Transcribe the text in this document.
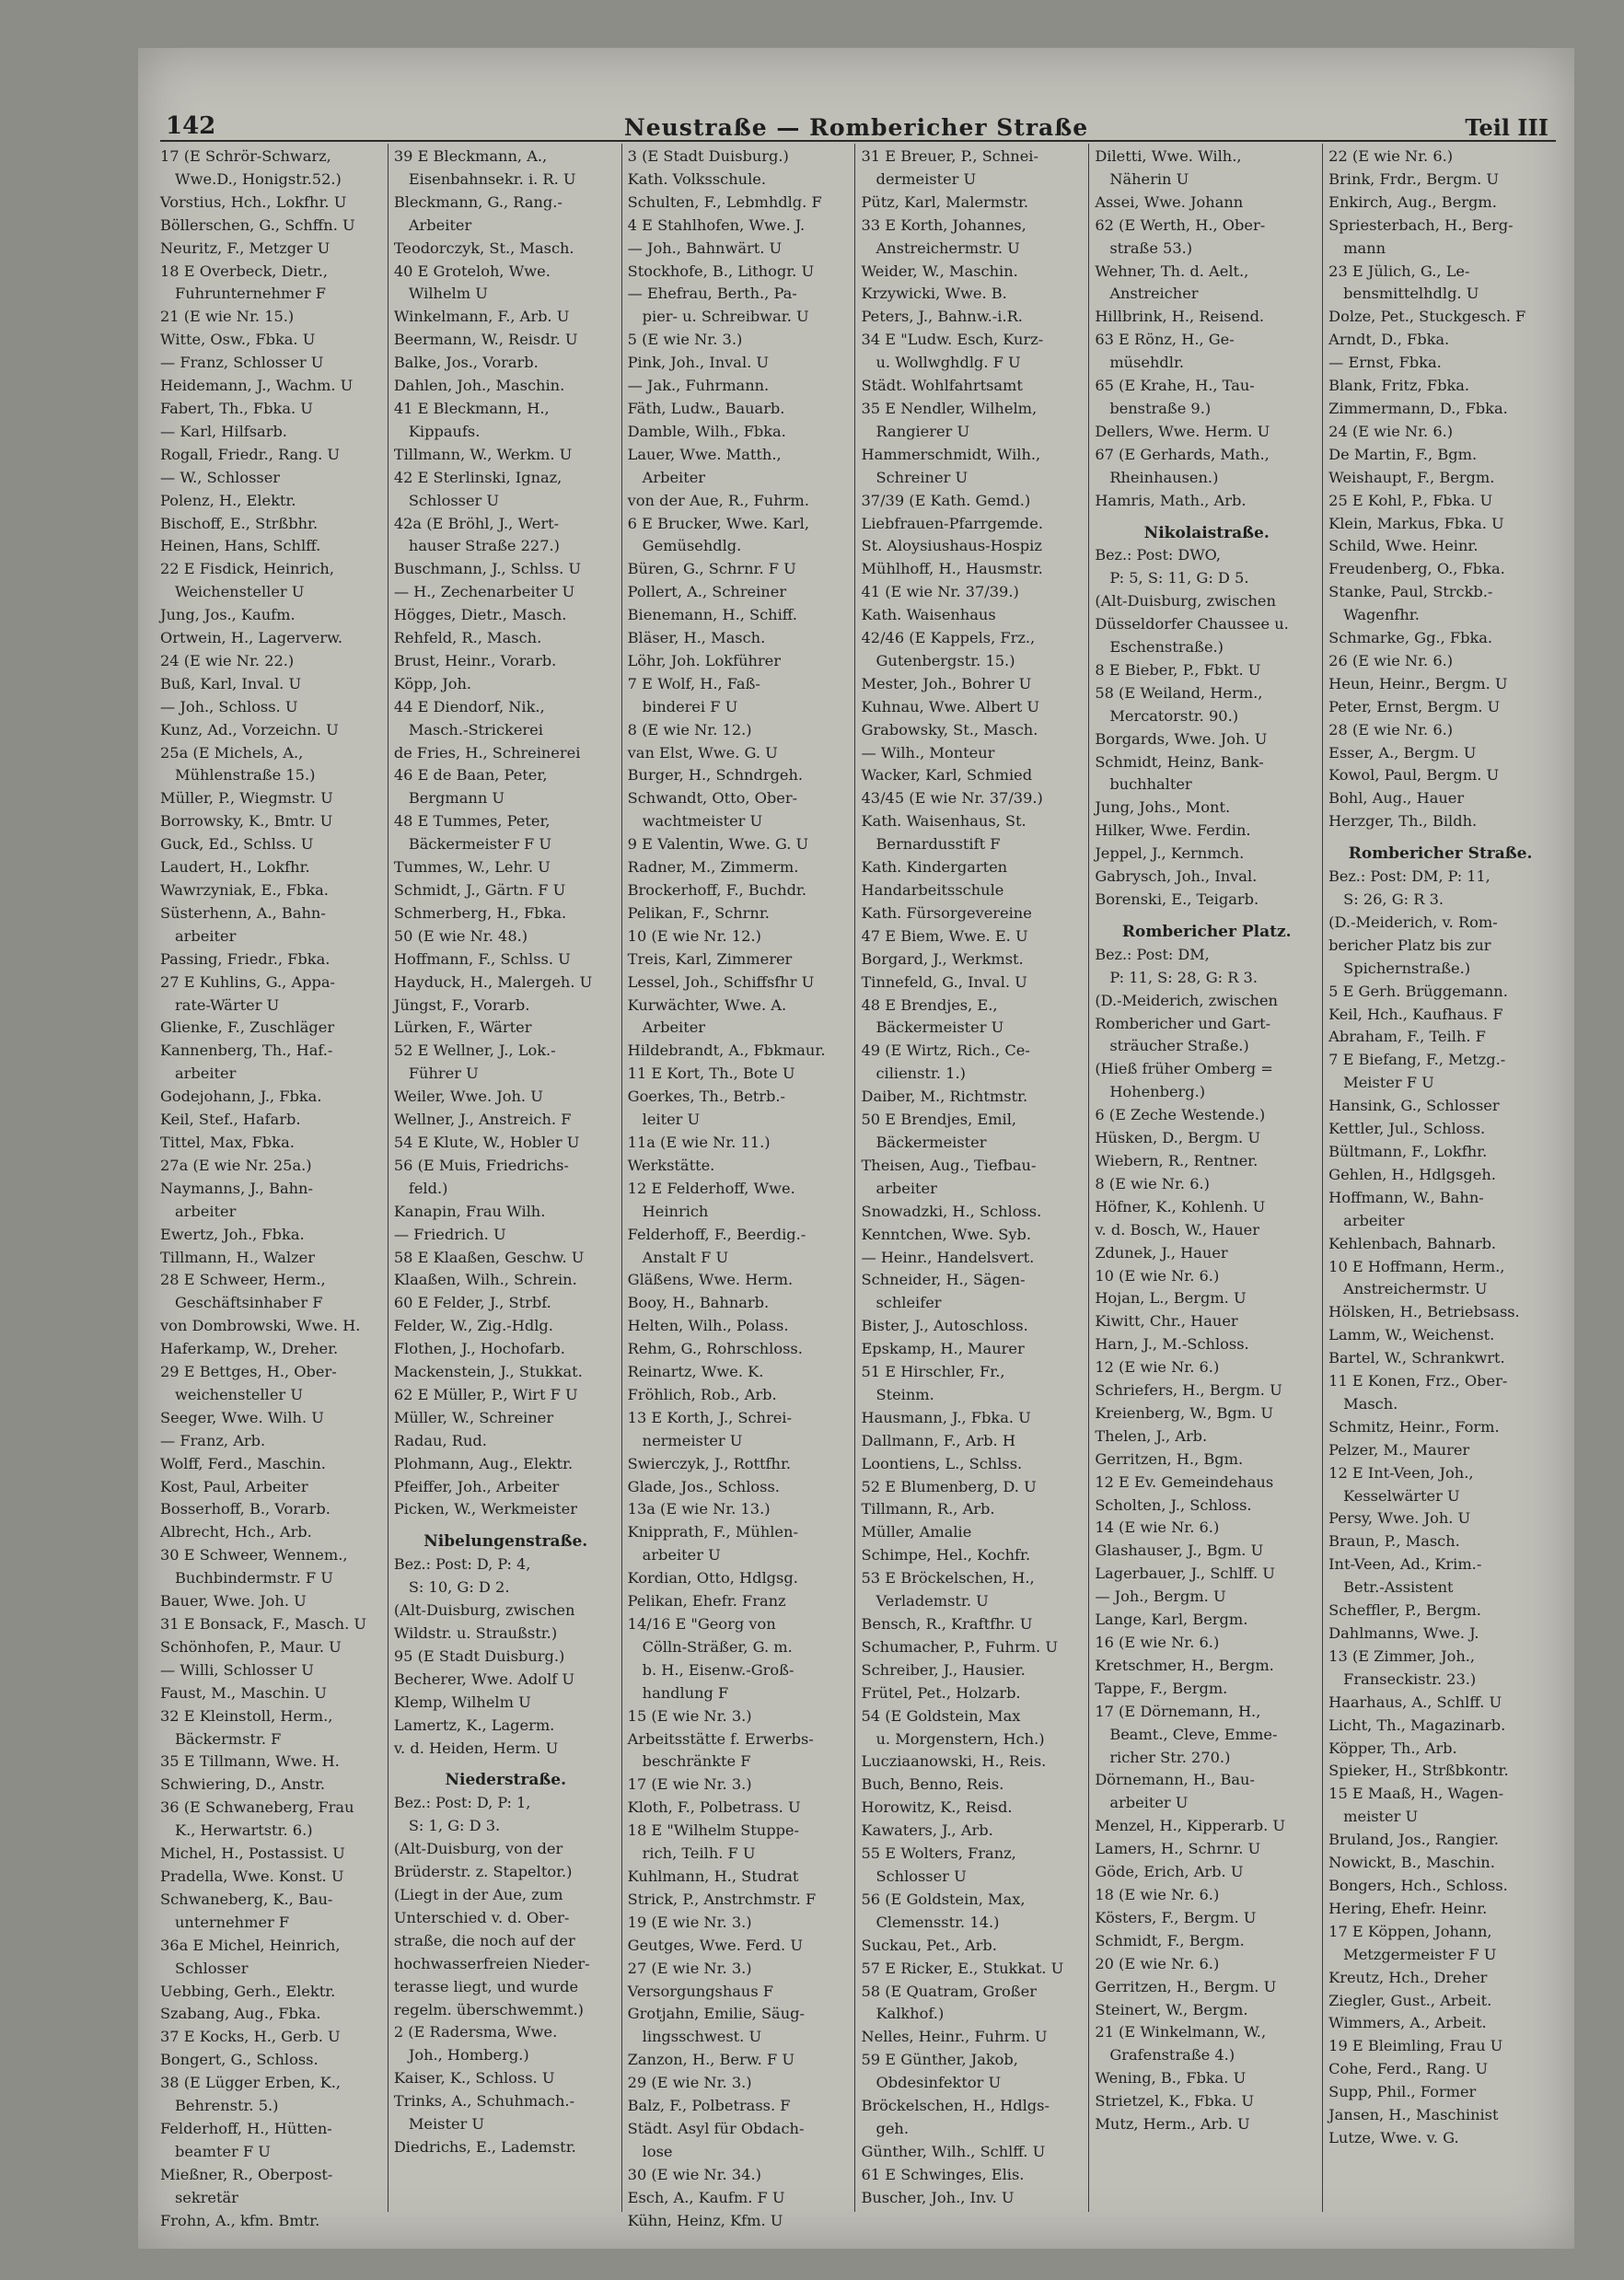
142	Neustraße — Rombericher Straße	Teil III
17 (E Schrör-Schwarz,
Wwe.D., Honigstr.52.)
Vorstius, Hch., Lokfhr. U
Böllerschen, G., Schffn. U
Neuritz, F., Metzger U
18 E Overbeck, Dietr.,
Fuhrunternehmer F
21 (E wie Nr. 15.)
Witte, Osw., Fbka. U
— Franz, Schlosser U
Heidemann, J., Wachm. U
Fabert, Th., Fbka. U
— Karl, Hilfsarb.
Rogall, Friedr., Rang. U
— W., Schlosser
Polenz, H., Elektr.
Bischoff, E., Strßbhr.
Heinen, Hans, Schlff.
22 E Fisdick, Heinrich,
Weichensteller U
Jung, Jos., Kaufm.
Ortwein, H., Lagerverw.
24 (E wie Nr. 22.)
Buß, Karl, Inval. U
— Joh., Schloss. U
Kunz, Ad., Vorzeichn. U
25a (E Michels, A.,
Mühlenstraße 15.)
Müller, P., Wiegmstr. U
Borrowsky, K., Bmtr. U
Guck, Ed., Schlss. U
Laudert, H., Lokfhr.
Wawrzyniak, E., Fbka.
Süsterhenn, A., Bahn-
arbeiter
Passing, Friedr., Fbka.
27 E Kuhlins, G., Appa-
rate-Wärter U
Glienke, F., Zuschläger
Kannenberg, Th., Haf.-
arbeiter
Godejohann, J., Fbka.
Keil, Stef., Hafarb.
Tittel, Max, Fbka.
27a (E wie Nr. 25a.)
Naymanns, J., Bahn-
arbeiter
Ewertz, Joh., Fbka.
Tillmann, H., Walzer
28 E Schweer, Herm.,
Geschäftsinhaber F
von Dombrowski, Wwe. H.
Haferkamp, W., Dreher.
29 E Bettges, H., Ober-
weichensteller U
Seeger, Wwe. Wilh. U
— Franz, Arb.
Wolff, Ferd., Maschin.
Kost, Paul, Arbeiter
Bosserhoff, B., Vorarb.
Albrecht, Hch., Arb.
30 E Schweer, Wennem.,
Buchbindermstr. F U
Bauer, Wwe. Joh. U
31 E Bonsack, F., Masch. U
Schönhofen, P., Maur. U
— Willi, Schlosser U
Faust, M., Maschin. U
32 E Kleinstoll, Herm.,
Bäckermstr. F
35 E Tillmann, Wwe. H.
Schwiering, D., Anstr.
36 (E Schwaneberg, Frau
K., Herwartstr. 6.)
Michel, H., Postassist. U
Pradella, Wwe. Konst. U
Schwaneberg, K., Bau-
unternehmer F
36a E Michel, Heinrich,
Schlosser
Uebbing, Gerh., Elektr.
Szabang, Aug., Fbka.
37 E Kocks, H., Gerb. U
Bongert, G., Schloss.
38 (E Lügger Erben, K.,
Behrenstr. 5.)
Felderhoff, H., Hütten-
beamter F U
Mießner, R., Oberpost-
sekretär
Frohn, A., kfm. Bmtr.
39 E Bleckmann, A.,
Eisenbahnsekr. i. R. U
Bleckmann, G., Rang.-
Arbeiter
Teodorczyk, St., Masch.
40 E Groteloh, Wwe.
Wilhelm U
Winkelmann, F., Arb. U
Beermann, W., Reisdr. U
Balke, Jos., Vorarb.
Dahlen, Joh., Maschin.
41 E Bleckmann, H.,
Kippaufs.
Tillmann, W., Werkm. U
42 E Sterlinski, Ignaz,
Schlosser U
42a (E Bröhl, J., Wert-
hauser Straße 227.)
Buschmann, J., Schlss. U
— H., Zechenarbeiter U
Högges, Dietr., Masch.
Rehfeld, R., Masch.
Brust, Heinr., Vorarb.
Köpp, Joh.
44 E Diendorf, Nik.,
Masch.-Strickerei
de Fries, H., Schreinerei
46 E de Baan, Peter,
Bergmann U
48 E Tummes, Peter,
Bäckermeister F U
Tummes, W., Lehr. U
Schmidt, J., Gärtn. F U
Schmerberg, H., Fbka.
50 (E wie Nr. 48.)
Hoffmann, F., Schlss. U
Hayduck, H., Malergeh. U
Jüngst, F., Vorarb.
Lürken, F., Wärter
52 E Wellner, J., Lok.-
Führer U
Weiler, Wwe. Joh. U
Wellner, J., Anstreich. F
54 E Klute, W., Hobler U
56 (E Muis, Friedrichs-
feld.)
Kanapin, Frau Wilh.
— Friedrich. U
58 E Klaaßen, Geschw. U
Klaaßen, Wilh., Schrein.
60 E Felder, J., Strbf.
Felder, W., Zig.-Hdlg.
Flothen, J., Hochofarb.
Mackenstein, J., Stukkat.
62 E Müller, P., Wirt F U
Müller, W., Schreiner
Radau, Rud.
Plohmann, Aug., Elektr.
Pfeiffer, Joh., Arbeiter
Picken, W., Werkmeister
Nibelungenstraße.
Bez.: Post: D, P: 4,
S: 10, G: D 2.
(Alt-Duisburg, zwischen
Wildstr. u. Straußstr.)
95 (E Stadt Duisburg.)
Becherer, Wwe. Adolf U
Klemp, Wilhelm U
Lamertz, K., Lagerm.
v. d. Heiden, Herm. U
Niederstraße.
Bez.: Post: D, P: 1,
S: 1, G: D 3.
(Alt-Duisburg, von der
Brüderstr. z. Stapeltor.)
(Liegt in der Aue, zum
Unterschied v. d. Ober-
straße, die noch auf der
hochwasserfreien Nieder-
terasse liegt, und wurde
regelm. überschwemmt.)
2 (E Radersma, Wwe.
Joh., Homberg.)
Kaiser, K., Schloss. U
Trinks, A., Schuhmach.-
Meister U
Diedrichs, E., Lademstr.
3 (E Stadt Duisburg.)
Kath. Volksschule.
Schulten, F., Lebmhdlg. F
4 E Stahlhofen, Wwe. J.
— Joh., Bahnwärt. U
Stockhofe, B., Lithogr. U
— Ehefrau, Berth., Pa-
pier- u. Schreibwar. U
5 (E wie Nr. 3.)
Pink, Joh., Inval. U
— Jak., Fuhrmann.
Fäth, Ludw., Bauarb.
Damble, Wilh., Fbka.
Lauer, Wwe. Matth.,
Arbeiter
von der Aue, R., Fuhrm.
6 E Brucker, Wwe. Karl,
Gemüsehdlg.
Büren, G., Schrnr. F U
Pollert, A., Schreiner
Bienemann, H., Schiff.
Bläser, H., Masch.
Löhr, Joh. Lokführer
7 E Wolf, H., Faß-
binderei F U
8 (E wie Nr. 12.)
van Elst, Wwe. G. U
Burger, H., Schndrgeh.
Schwandt, Otto, Ober-
wachtmeister U
9 E Valentin, Wwe. G. U
Radner, M., Zimmerm.
Brockerhoff, F., Buchdr.
Pelikan, F., Schrnr.
10 (E wie Nr. 12.)
Treis, Karl, Zimmerer
Lessel, Joh., Schiffsfhr U
Kurwächter, Wwe. A.
Arbeiter
Hildebrandt, A., Fbkmaur.
11 E Kort, Th., Bote U
Goerkes, Th., Betrb.-
leiter U
11a (E wie Nr. 11.)
Werkstätte.
12 E Felderhoff, Wwe.
Heinrich
Felderhoff, F., Beerdig.-
Anstalt F U
Gläßens, Wwe. Herm.
Booy, H., Bahnarb.
Helten, Wilh., Polass.
Rehm, G., Rohrschloss.
Reinartz, Wwe. K.
Fröhlich, Rob., Arb.
13 E Korth, J., Schrei-
nermeister U
Swierczyk, J., Rottfhr.
Glade, Jos., Schloss.
13a (E wie Nr. 13.)
Knipprath, F., Mühlen-
arbeiter U
Kordian, Otto, Hdlgsg.
Pelikan, Ehefr. Franz
14/16 E "Georg von
Cölln-Sträßer, G. m.
b. H., Eisenw.-Groß-
handlung F
15 (E wie Nr. 3.)
Arbeitsstätte f. Erwerbs-
beschränkte F
17 (E wie Nr. 3.)
Kloth, F., Polbetrass. U
18 E "Wilhelm Stuppe-
rich, Teilh. F U
Kuhlmann, H., Studrat
Strick, P., Anstrchmstr. F
19 (E wie Nr. 3.)
Geutges, Wwe. Ferd. U
27 (E wie Nr. 3.)
Versorgungshaus F
Grotjahn, Emilie, Säug-
lingsschwest. U
Zanzon, H., Berw. F U
29 (E wie Nr. 3.)
Balz, F., Polbetrass. F
Städt. Asyl für Obdach-
lose
30 (E wie Nr. 34.)
Esch, A., Kaufm. F U
Kühn, Heinz, Kfm. U
31 E Breuer, P., Schnei-
dermeister U
Pütz, Karl, Malermstr.
33 E Korth, Johannes,
Anstreichermstr. U
Weider, W., Maschin.
Krzywicki, Wwe. B.
Peters, J., Bahnw.-i.R.
34 E "Ludw. Esch, Kurz-
u. Wollwghdlg. F U
Städt. Wohlfahrtsamt
35 E Nendler, Wilhelm,
Rangierer U
Hammerschmidt, Wilh.,
Schreiner U
37/39 (E Kath. Gemd.)
Liebfrauen-Pfarrgemde.
St. Aloysiushaus-Hospiz
Mühlhoff, H., Hausmstr.
41 (E wie Nr. 37/39.)
Kath. Waisenhaus
42/46 (E Kappels, Frz.,
Gutenbergstr. 15.)
Mester, Joh., Bohrer U
Kuhnau, Wwe. Albert U
Grabowsky, St., Masch.
— Wilh., Monteur
Wacker, Karl, Schmied
43/45 (E wie Nr. 37/39.)
Kath. Waisenhaus, St.
Bernardusstift F
Kath. Kindergarten
Handarbeitsschule
Kath. Fürsorgevereine
47 E Biem, Wwe. E. U
Borgard, J., Werkmst.
Tinnefeld, G., Inval. U
48 E Brendjes, E.,
Bäckermeister U
49 (E Wirtz, Rich., Ce-
cilienstr. 1.)
Daiber, M., Richtmstr.
50 E Brendjes, Emil,
Bäckermeister
Theisen, Aug., Tiefbau-
arbeiter
Snowadzki, H., Schloss.
Kenntchen, Wwe. Syb.
— Heinr., Handelsvert.
Schneider, H., Sägen-
schleifer
Bister, J., Autoschloss.
Epskamp, H., Maurer
51 E Hirschler, Fr.,
Steinm.
Hausmann, J., Fbka. U
Dallmann, F., Arb. H
Loontiens, L., Schlss.
52 E Blumenberg, D. U
Tillmann, R., Arb.
Müller, Amalie
Schimpe, Hel., Kochfr.
53 E Bröckelschen, H.,
Verlademstr. U
Bensch, R., Kraftfhr. U
Schumacher, P., Fuhrm. U
Schreiber, J., Hausier.
Frütel, Pet., Holzarb.
54 (E Goldstein, Max
u. Morgenstern, Hch.)
Lucziaanowski, H., Reis.
Buch, Benno, Reis.
Horowitz, K., Reisd.
Kawaters, J., Arb.
55 E Wolters, Franz,
Schlosser U
56 (E Goldstein, Max,
Clemensstr. 14.)
Suckau, Pet., Arb.
57 E Ricker, E., Stukkat. U
58 (E Quatram, Großer
Kalkhof.)
Nelles, Heinr., Fuhrm. U
59 E Günther, Jakob,
Obdesinfektor U
Bröckelschen, H., Hdlgs-
geh.
Günther, Wilh., Schlff. U
61 E Schwinges, Elis.
Buscher, Joh., Inv. U
Diletti, Wwe. Wilh.,
Näherin U
Assei, Wwe. Johann
62 (E Werth, H., Ober-
straße 53.)
Wehner, Th. d. Aelt.,
Anstreicher
Hillbrink, H., Reisend.
63 E Rönz, H., Ge-
müsehdlr.
65 (E Krahe, H., Tau-
benstraße 9.)
Dellers, Wwe. Herm. U
67 (E Gerhards, Math.,
Rheinhausen.)
Hamris, Math., Arb.
Nikolaistraße.
Bez.: Post: DWO,
P: 5, S: 11, G: D 5.
(Alt-Duisburg, zwischen
Düsseldorfer Chaussee u.
Eschenstraße.)
8 E Bieber, P., Fbkt. U
58 (E Weiland, Herm.,
Mercatorstr. 90.)
Borgards, Wwe. Joh. U
Schmidt, Heinz, Bank-
buchhalter
Jung, Johs., Mont.
Hilker, Wwe. Ferdin.
Jeppel, J., Kernmch.
Gabrysch, Joh., Inval.
Borenski, E., Teigarb.
Rombericher Platz.
Bez.: Post: DM,
P: 11, S: 28, G: R 3.
(D.-Meiderich, zwischen
Rombericher und Gart-
sträucher Straße.)
(Hieß früher Omberg =
Hohenberg.)
6 (E Zeche Westende.)
Hüsken, D., Bergm. U
Wiebern, R., Rentner.
8 (E wie Nr. 6.)
Höfner, K., Kohlenh. U
v. d. Bosch, W., Hauer
Zdunek, J., Hauer
10 (E wie Nr. 6.)
Hojan, L., Bergm. U
Kiwitt, Chr., Hauer
Harn, J., M.-Schloss.
12 (E wie Nr. 6.)
Schriefers, H., Bergm. U
Kreienberg, W., Bgm. U
Thelen, J., Arb.
Gerritzen, H., Bgm.
12 E Ev. Gemeindehaus
Scholten, J., Schloss.
14 (E wie Nr. 6.)
Glashauser, J., Bgm. U
Lagerbauer, J., Schlff. U
— Joh., Bergm. U
Lange, Karl, Bergm.
16 (E wie Nr. 6.)
Kretschmer, H., Bergm.
Tappe, F., Bergm.
17 (E Dörnemann, H.,
Beamt., Cleve, Emme-
richer Str. 270.)
Dörnemann, H., Bau-
arbeiter U
Menzel, H., Kipperarb. U
Lamers, H., Schrnr. U
Göde, Erich, Arb. U
18 (E wie Nr. 6.)
Kösters, F., Bergm. U
Schmidt, F., Bergm.
20 (E wie Nr. 6.)
Gerritzen, H., Bergm. U
Steinert, W., Bergm.
21 (E Winkelmann, W.,
Grafenstraße 4.)
Wening, B., Fbka. U
Strietzel, K., Fbka. U
Mutz, Herm., Arb. U
22 (E wie Nr. 6.)
Brink, Frdr., Bergm. U
Enkirch, Aug., Bergm.
Spriesterbach, H., Berg-
mann
23 E Jülich, G., Le-
bensmittelhdlg. U
Dolze, Pet., Stuckgesch. F
Arndt, D., Fbka.
— Ernst, Fbka.
Blank, Fritz, Fbka.
Zimmermann, D., Fbka.
24 (E wie Nr. 6.)
De Martin, F., Bgm.
Weishaupt, F., Bergm.
25 E Kohl, P., Fbka. U
Klein, Markus, Fbka. U
Schild, Wwe. Heinr.
Freudenberg, O., Fbka.
Stanke, Paul, Strckb.-
Wagenfhr.
Schmarke, Gg., Fbka.
26 (E wie Nr. 6.)
Heun, Heinr., Bergm. U
Peter, Ernst, Bergm. U
28 (E wie Nr. 6.)
Esser, A., Bergm. U
Kowol, Paul, Bergm. U
Bohl, Aug., Hauer
Herzger, Th., Bildh.
Rombericher Straße.
Bez.: Post: DM, P: 11,
S: 26, G: R 3.
(D.-Meiderich, v. Rom-
bericher Platz bis zur
Spichernstraße.)
5 E Gerh. Brüggemann.
Keil, Hch., Kaufhaus. F
Abraham, F., Teilh. F
7 E Biefang, F., Metzg.-
Meister F U
Hansink, G., Schlosser
Kettler, Jul., Schloss.
Bültmann, F., Lokfhr.
Gehlen, H., Hdlgsgeh.
Hoffmann, W., Bahn-
arbeiter
Kehlenbach, Bahnarb.
10 E Hoffmann, Herm.,
Anstreichermstr. U
Hölsken, H., Betriebsass.
Lamm, W., Weichenst.
Bartel, W., Schrankwrt.
11 E Konen, Frz., Ober-
Masch.
Schmitz, Heinr., Form.
Pelzer, M., Maurer
12 E Int-Veen, Joh.,
Kesselwärter U
Persy, Wwe. Joh. U
Braun, P., Masch.
Int-Veen, Ad., Krim.-
Betr.-Assistent
Scheffler, P., Bergm.
Dahlmanns, Wwe. J.
13 (E Zimmer, Joh.,
Franseckistr. 23.)
Haarhaus, A., Schlff. U
Licht, Th., Magazinarb.
Köpper, Th., Arb.
Spieker, H., Strßbkontr.
15 E Maaß, H., Wagen-
meister U
Bruland, Jos., Rangier.
Nowickt, B., Maschin.
Bongers, Hch., Schloss.
Hering, Ehefr. Heinr.
17 E Köppen, Johann,
Metzgermeister F U
Kreutz, Hch., Dreher
Ziegler, Gust., Arbeit.
Wimmers, A., Arbeit.
19 E Bleimling, Frau U
Cohe, Ferd., Rang. U
Supp, Phil., Former
Jansen, H., Maschinist
Lutze, Wwe. v. G.
